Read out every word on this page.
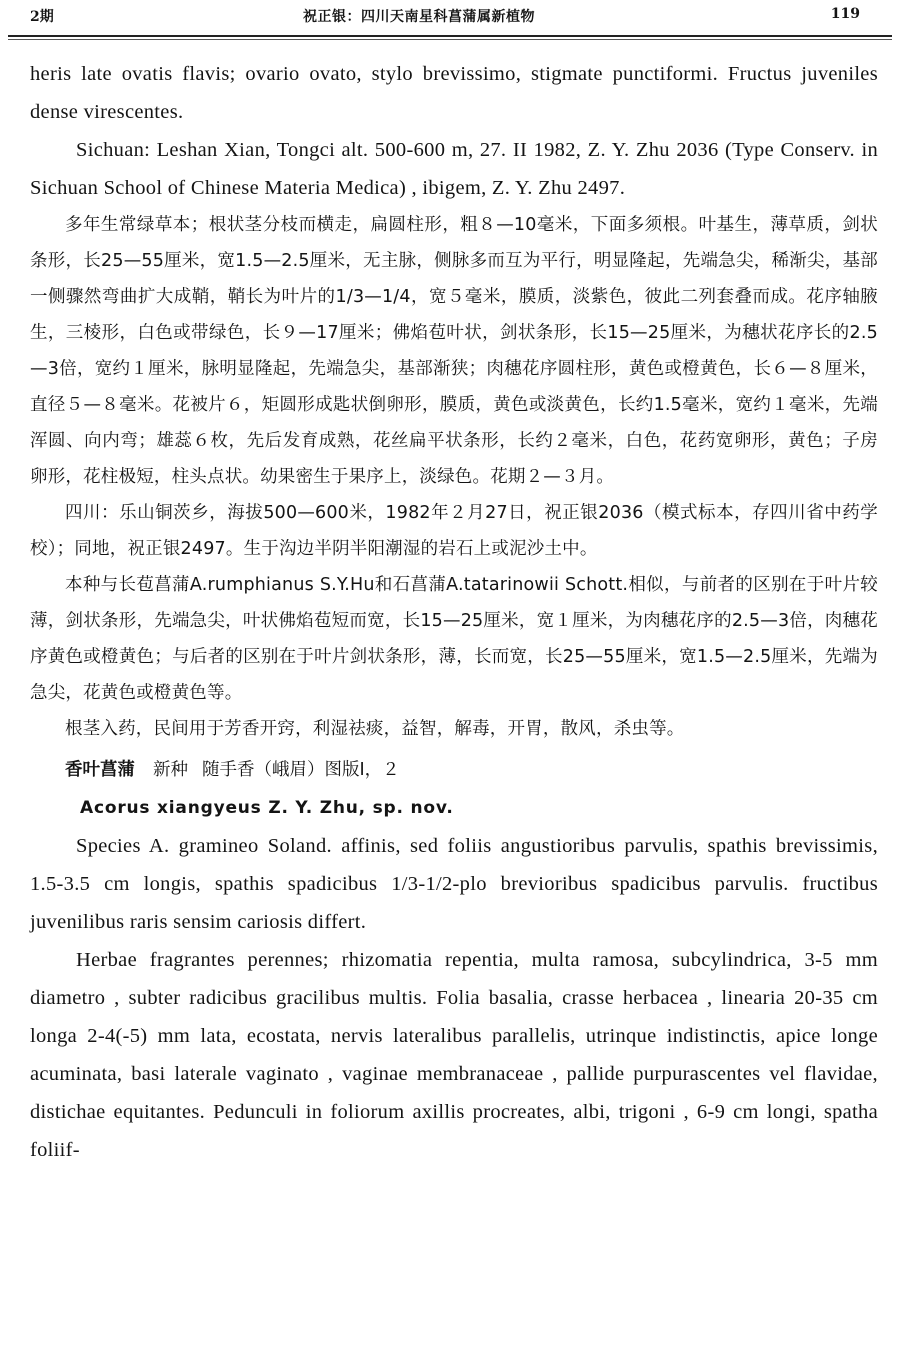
2期	祝正银：四川天南星科菖蒲属新植物	119

heris late ovatis flavis; ovario ovato, stylo brevissimo, stigmate punctiformi. Fructus juveniles dense virescentes.

Sichuan: Leshan Xian, Tongci alt. 500-600 m, 27. II 1982, Z. Y. Zhu 2036 (Type Conserv. in Sichuan School of Chinese Materia Medica) , ibigem, Z. Y. Zhu 2497.

多年生常绿草本；根状茎分枝而横走，扁圆柱形，粗８—10毫米，下面多须根。叶基生，薄草质，剑状条形，长25—55厘米，宽1.5—2.5厘米，无主脉，侧脉多而互为平行，明显隆起，先端急尖，稀渐尖，基部一侧骤然弯曲扩大成鞘，鞘长为叶片的1/3—1/4，宽５毫米，膜质，淡紫色，彼此二列套叠而成。花序轴腋生，三棱形，白色或带绿色，长９—17厘米；佛焰苞叶状，剑状条形，长15—25厘米，为穗状花序长的2.5—3倍，宽约１厘米，脉明显隆起，先端急尖，基部渐狭；肉穗花序圆柱形，黄色或橙黄色，长６—８厘米，直径５—８毫米。花被片６，矩圆形成匙状倒卵形，膜质，黄色或淡黄色，长约1.5毫米，宽约１毫米，先端浑圆、向内弯；雄蕊６枚，先后发育成熟，花丝扁平状条形，长约２毫米，白色，花药宽卵形，黄色；子房卵形，花柱极短，柱头点状。幼果密生于果序上，淡绿色。花期２—３月。

四川：乐山铜茨乡，海拔500—600米，1982年２月27日，祝正银2036（模式标本，存四川省中药学校）；同地，祝正银2497。生于沟边半阴半阳潮湿的岩石上或泥沙土中。

本种与长苞菖蒲A.rumphianus S.Y.Hu和石菖蒲A.tatarinowii Schott.相似，与前者的区别在于叶片较薄，剑状条形，先端急尖，叶状佛焰苞短而宽，长15—25厘米，宽１厘米，为肉穗花序的2.5—3倍，肉穗花序黄色或橙黄色；与后者的区别在于叶片剑状条形，薄，长而宽，长25—55厘米，宽1.5—2.5厘米，先端为急尖，花黄色或橙黄色等。

根茎入药，民间用于芳香开窍，利湿祛痰，益智，解毒，开胃，散风，杀虫等。

香叶菖蒲 新种 随手香（峨眉）图版Ⅰ，２

Acorus xiangyeus Z. Y. Zhu, sp. nov.

Species A. gramineo Soland. affinis, sed foliis angustioribus parvulis, spathis brevissimis, 1.5-3.5 cm longis, spathis spadicibus 1/3-1/2-plo brevioribus spadicibus parvulis. fructibus juvenilibus raris sensim cariosis differt.

Herbae fragrantes perennes; rhizomatia repentia, multa ramosa, subcylindrica, 3-5 mm diametro , subter radicibus gracilibus multis. Folia basalia, crasse herbacea , linearia 20-35 cm longa 2-4(-5) mm lata, ecostata, nervis lateralibus parallelis, utrinque indistinctis, apice longe acuminata, basi laterale vaginato , vaginae membranaceae , pallide purpurascentes vel flavidae, distichae equitantes. Pedunculi in foliorum axillis procreates, albi, trigoni , 6-9 cm longi, spatha foliif-
